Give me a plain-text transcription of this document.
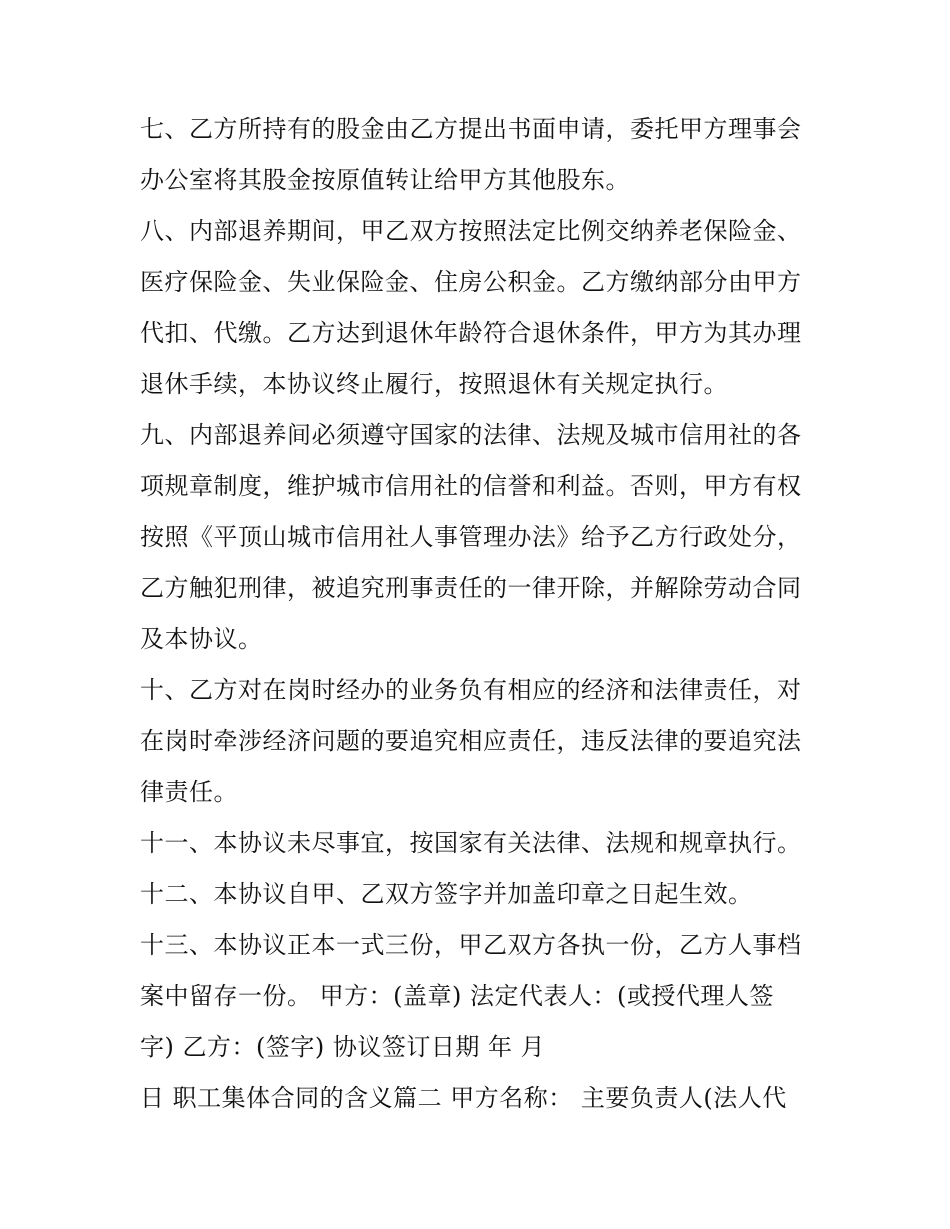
七、乙方所持有的股金由乙方提出书面申请，委托甲方理事会
办公室将其股金按原值转让给甲方其他股东。
八、内部退养期间，甲乙双方按照法定比例交纳养老保险金、
医疗保险金、失业保险金、住房公积金。乙方缴纳部分由甲方
代扣、代缴。乙方达到退休年龄符合退休条件，甲方为其办理
退休手续，本协议终止履行，按照退休有关规定执行。
九、内部退养间必须遵守国家的法律、法规及城市信用社的各
项规章制度，维护城市信用社的信誉和利益。否则，甲方有权
按照《平顶山城市信用社人事管理办法》给予乙方行政处分，
乙方触犯刑律，被追究刑事责任的一律开除，并解除劳动合同
及本协议。
十、乙方对在岗时经办的业务负有相应的经济和法律责任，对
在岗时牵涉经济问题的要追究相应责任，违反法律的要追究法
律责任。
十一、本协议未尽事宜，按国家有关法律、法规和规章执行。
十二、本协议自甲、乙双方签字并加盖印章之日起生效。
十三、本协议正本一式三份，甲乙双方各执一份，乙方人事档
案中留存一份。 甲方：(盖章) 法定代表人：(或授代理人签
字) 乙方：(签字) 协议签订日期 年 月
日 职工集体合同的含义篇二 甲方名称： 主要负责人(法人代
